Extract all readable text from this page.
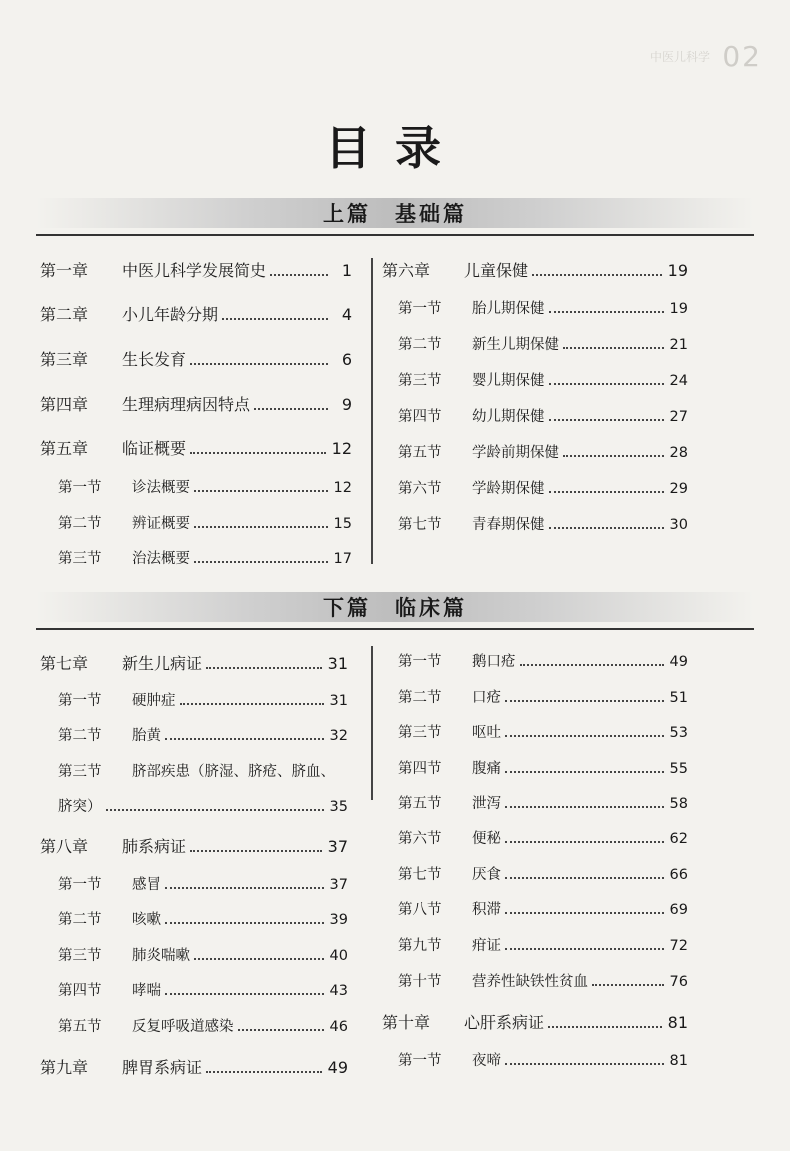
02
中医儿科学
目录
上篇　基础篇
下篇　临床篇
第一章	中医儿科学发展简史	1
第二章	小儿年龄分期	4
第三章	生长发育	6
第四章	生理病理病因特点	9
第五章	临证概要	12
第一节	诊法概要	12
第二节	辨证概要	15
第三节	治法概要	17
第六章	儿童保健	19
第一节	胎儿期保健	19
第二节	新生儿期保健	21
第三节	婴儿期保健	24
第四节	幼儿期保健	27
第五节	学龄前期保健	28
第六节	学龄期保健	29
第七节	青春期保健	30
第七章	新生儿病证	31
第一节	硬肿症	31
第二节	胎黄	32
第三节	脐部疾患（脐湿、脐疮、脐血、
脐突）	35
第八章	肺系病证	37
第一节	感冒	37
第二节	咳嗽	39
第三节	肺炎喘嗽	40
第四节	哮喘	43
第五节	反复呼吸道感染	46
第九章	脾胃系病证	49
第一节	鹅口疮	49
第二节	口疮	51
第三节	呕吐	53
第四节	腹痛	55
第五节	泄泻	58
第六节	便秘	62
第七节	厌食	66
第八节	积滞	69
第九节	疳证	72
第十节	营养性缺铁性贫血	76
第十章	心肝系病证	81
第一节	夜啼	81
